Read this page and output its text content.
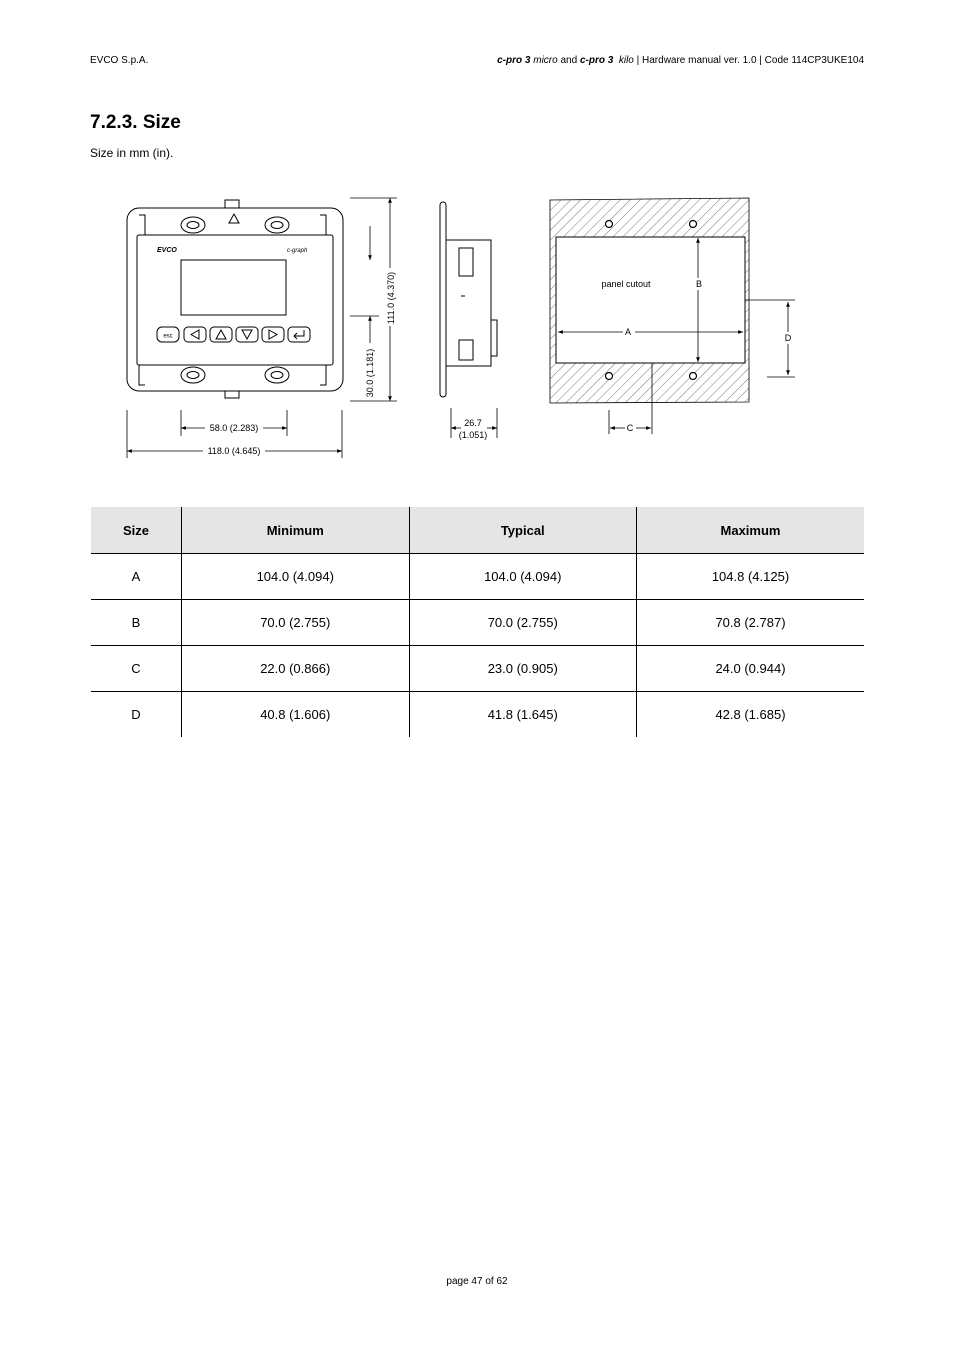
EVCO S.p.A.	c-pro 3 micro and c-pro 3 kilo | Hardware manual ver. 1.0 | Code 114CP3UKE104
7.2.3. Size
Size in mm (in).
EVCO	c-graph
esc
58.0 (2.283)
118.0 (4.645)
111.0 (4.370)
30.0 (1.181)
26.7
(1.051)
panel cutout
A
B
C
D
Size	Minimum	Typical	Maximum
A	104.0 (4.094)	104.0 (4.094)	104.8 (4.125)
B	70.0 (2.755)	70.0 (2.755)	70.8 (2.787)
C	22.0 (0.866)	23.0 (0.905)	24.0 (0.944)
D	40.8 (1.606)	41.8 (1.645)	42.8 (1.685)
page 47 of 62
